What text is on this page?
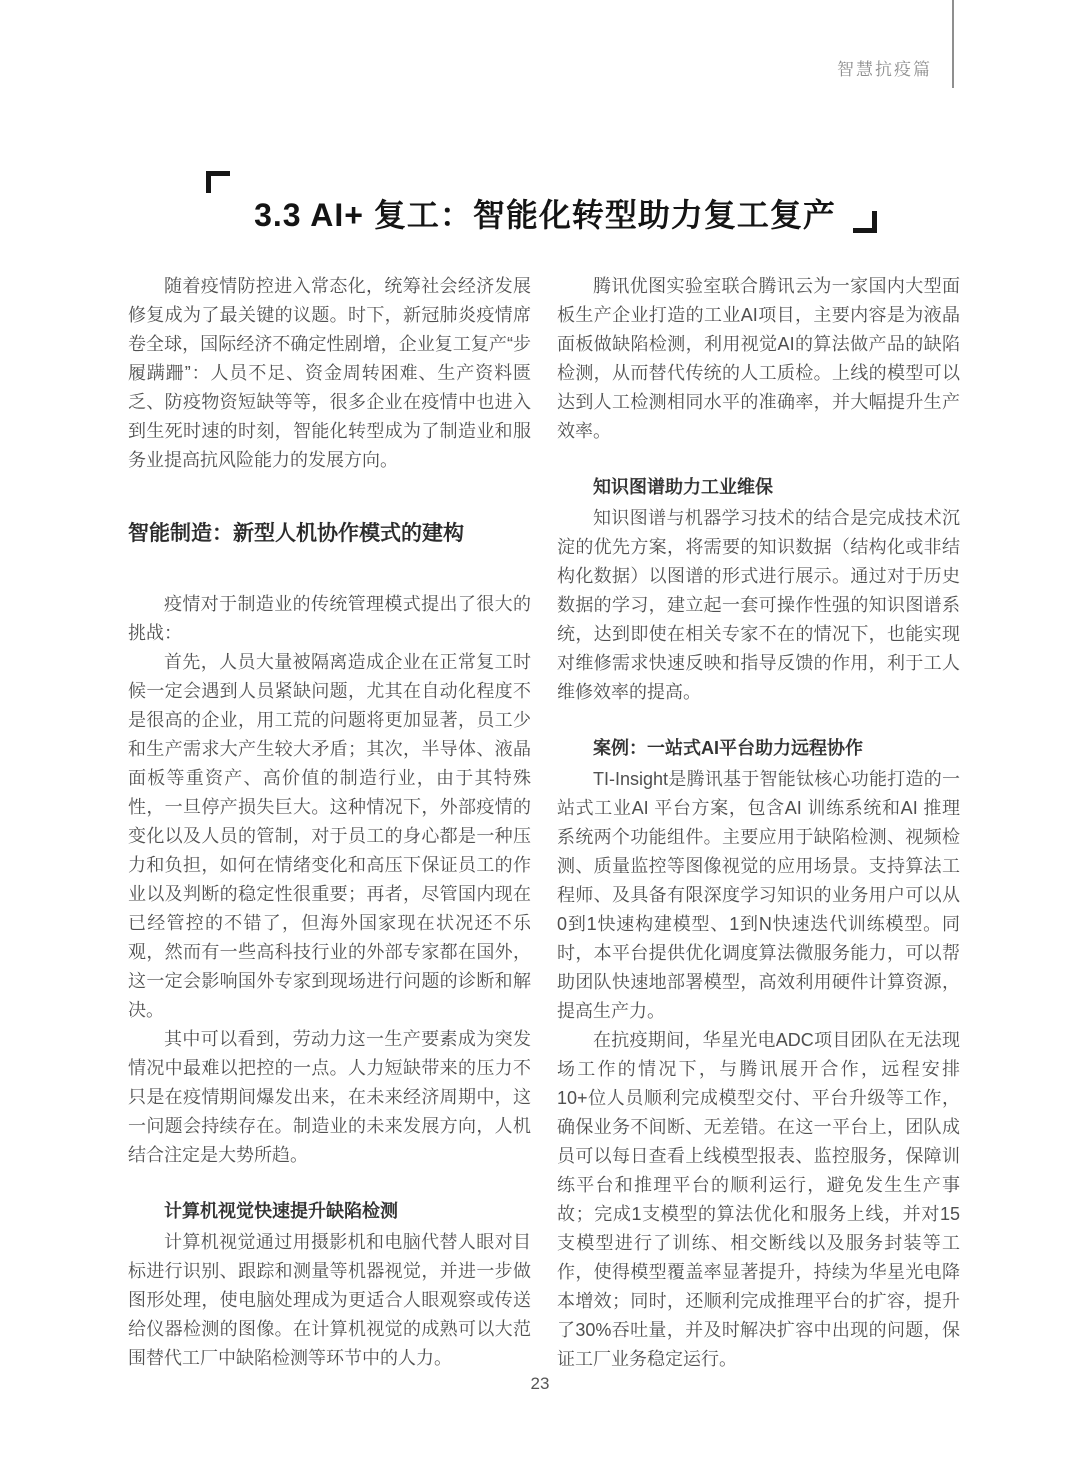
智慧抗疫篇
3.3 AI+ 复工：智能化转型助力复工复产

随着疫情防控进入常态化，统筹社会经济发展修复成为了最关键的议题。时下，新冠肺炎疫情席卷全球，国际经济不确定性剧增，企业复工复产“步履蹒跚”：人员不足、资金周转困难、生产资料匮乏、防疫物资短缺等等，很多企业在疫情中也进入到生死时速的时刻，智能化转型成为了制造业和服务业提高抗风险能力的发展方向。

智能制造：新型人机协作模式的建构

疫情对于制造业的传统管理模式提出了很大的挑战：

首先，人员大量被隔离造成企业在正常复工时候一定会遇到人员紧缺问题，尤其在自动化程度不是很高的企业，用工荒的问题将更加显著，员工少和生产需求大产生较大矛盾；其次，半导体、液晶面板等重资产、高价值的制造行业，由于其特殊性，一旦停产损失巨大。这种情况下，外部疫情的变化以及人员的管制，对于员工的身心都是一种压力和负担，如何在情绪变化和高压下保证员工的作业以及判断的稳定性很重要；再者，尽管国内现在已经管控的不错了，但海外国家现在状况还不乐观，然而有一些高科技行业的外部专家都在国外，这一定会影响国外专家到现场进行问题的诊断和解决。

其中可以看到，劳动力这一生产要素成为突发情况中最难以把控的一点。人力短缺带来的压力不只是在疫情期间爆发出来，在未来经济周期中，这一问题会持续存在。制造业的未来发展方向，人机结合注定是大势所趋。

计算机视觉快速提升缺陷检测

计算机视觉通过用摄影机和电脑代替人眼对目标进行识别、跟踪和测量等机器视觉，并进一步做图形处理，使电脑处理成为更适合人眼观察或传送给仪器检测的图像。在计算机视觉的成熟可以大范围替代工厂中缺陷检测等环节中的人力。

腾讯优图实验室联合腾讯云为一家国内大型面板生产企业打造的工业AI项目，主要内容是为液晶面板做缺陷检测，利用视觉AI的算法做产品的缺陷检测，从而替代传统的人工质检。上线的模型可以达到人工检测相同水平的准确率，并大幅提升生产效率。

知识图谱助力工业维保

知识图谱与机器学习技术的结合是完成技术沉淀的优先方案，将需要的知识数据（结构化或非结构化数据）以图谱的形式进行展示。通过对于历史数据的学习，建立起一套可操作性强的知识图谱系统，达到即使在相关专家不在的情况下，也能实现对维修需求快速反映和指导反馈的作用，利于工人维修效率的提高。

案例：一站式AI平台助力远程协作

TI-Insight是腾讯基于智能钛核心功能打造的一站式工业AI 平台方案，包含AI 训练系统和AI 推理系统两个功能组件。主要应用于缺陷检测、视频检测、质量监控等图像视觉的应用场景。支持算法工程师、及具备有限深度学习知识的业务用户可以从0到1快速构建模型、1到N快速迭代训练模型。同时，本平台提供优化调度算法微服务能力，可以帮助团队快速地部署模型，高效利用硬件计算资源，提高生产力。

在抗疫期间，华星光电ADC项目团队在无法现场工作的情况下，与腾讯展开合作，远程安排10+位人员顺利完成模型交付、平台升级等工作，确保业务不间断、无差错。在这一平台上，团队成员可以每日查看上线模型报表、监控服务，保障训练平台和推理平台的顺利运行，避免发生生产事故；完成1支模型的算法优化和服务上线，并对15支模型进行了训练、相交断线以及服务封装等工作，使得模型覆盖率显著提升，持续为华星光电降本增效；同时，还顺利完成推理平台的扩容，提升了30%吞吐量，并及时解决扩容中出现的问题，保证工厂业务稳定运行。

23
